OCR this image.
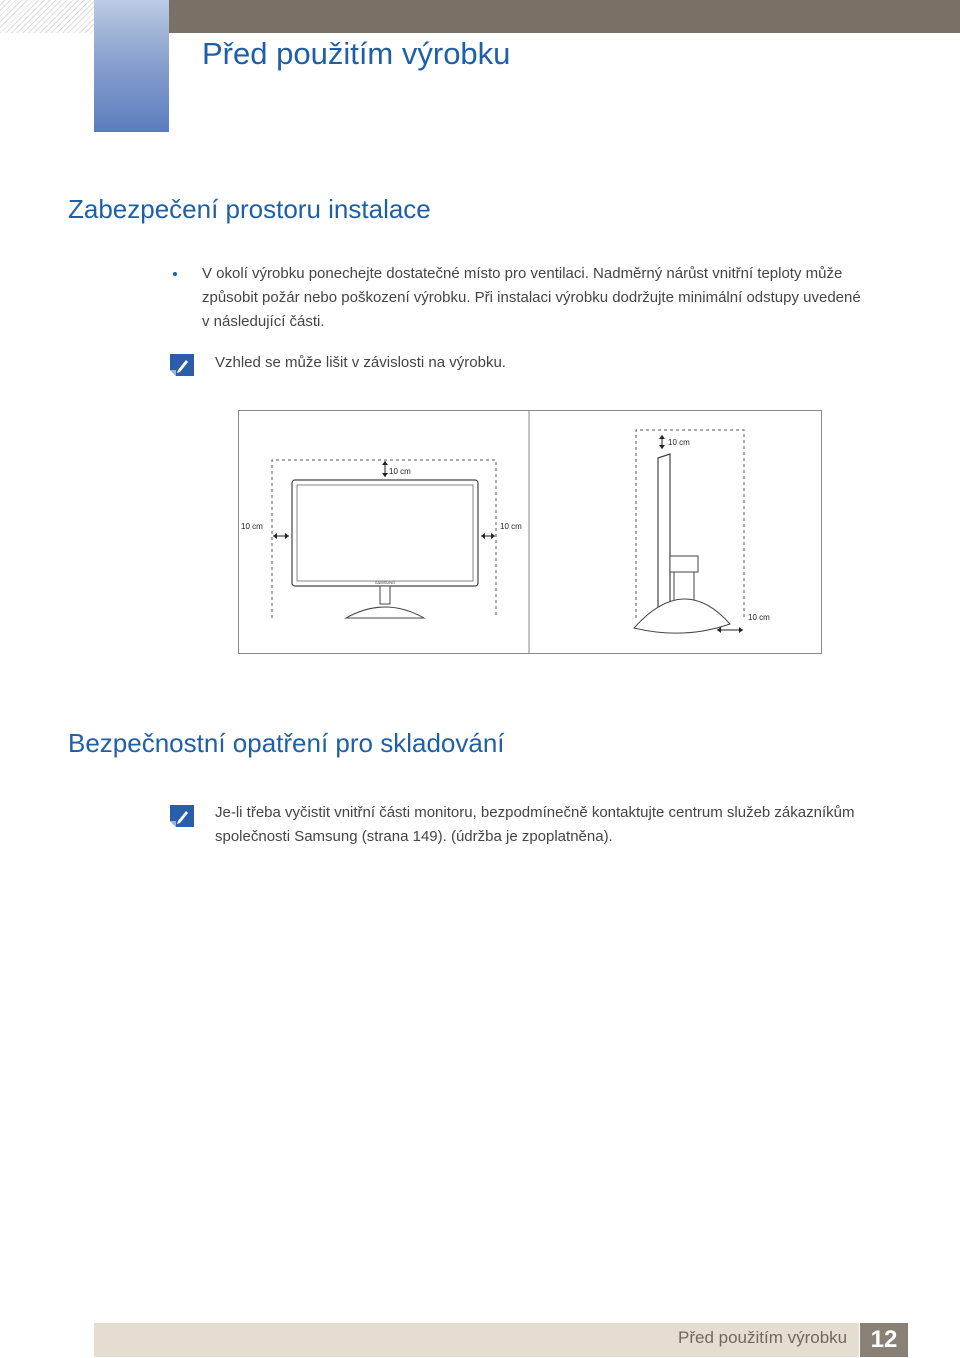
Před použitím výrobku
Zabezpečení prostoru instalace
V okolí výrobku ponechejte dostatečné místo pro ventilaci. Nadměrný nárůst vnitřní teploty může
způsobit požár nebo poškození výrobku. Při instalaci výrobku dodržujte minimální odstupy uvedené
v následující části.
Vzhled se může lišit v závislosti na výrobku.
SAMSUNG
10 cm
10 cm	10 cm
10 cm
10 cm
Bezpečnostní opatření pro skladování
Je-li třeba vyčistit vnitřní části monitoru, bezpodmínečně kontaktujte centrum služeb zákazníkům
společnosti Samsung (strana 149). (údržba je zpoplatněna).
Před použitím výrobku 12
